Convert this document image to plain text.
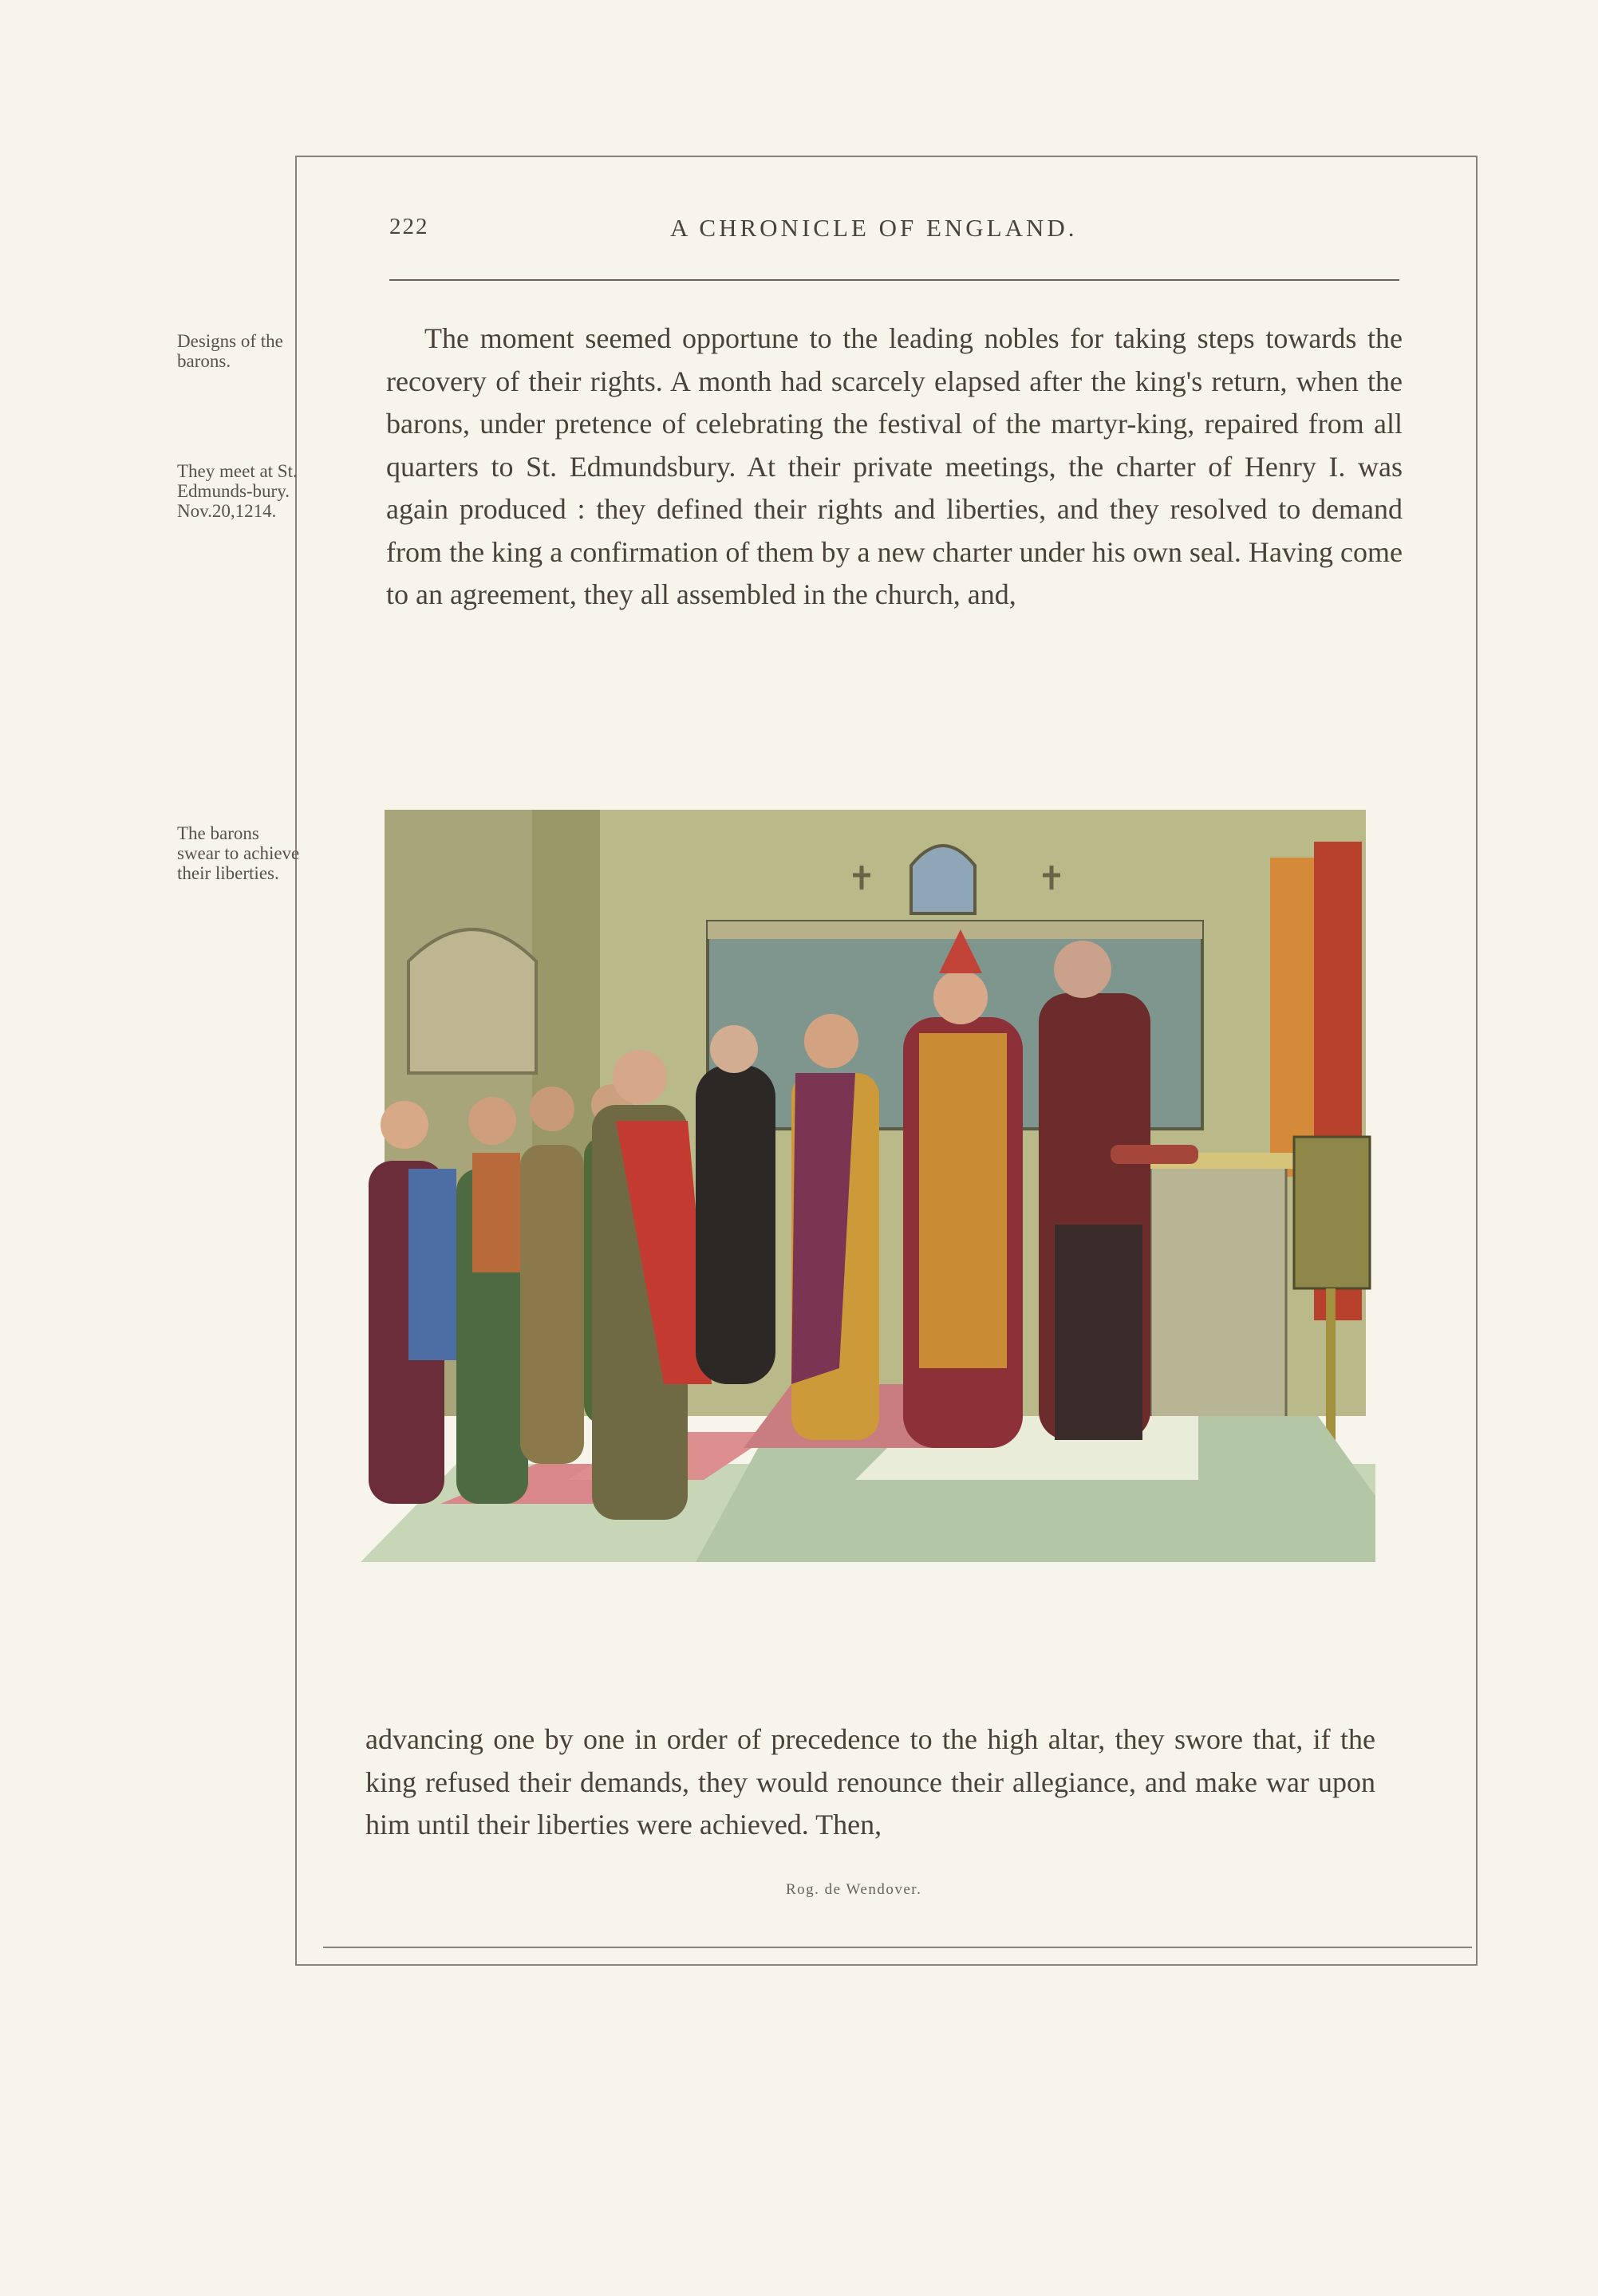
222	A CHRONICLE OF ENGLAND.
Designs of the barons.
They meet at St. Edmunds-bury. Nov.20,1214.
The barons swear to achieve their liberties.
The moment seemed opportune to the leading nobles for taking steps towards the recovery of their rights. A month had scarcely elapsed after the king's return, when the barons, under pretence of celebrating the festival of the martyr-king, repaired from all quarters to St. Edmundsbury. At their private meetings, the charter of Henry I. was again produced : they defined their rights and liberties, and they resolved to demand from the king a confirmation of them by a new charter under his own seal. Having come to an agreement, they all assembled in the church, and,
advancing one by one in order of precedence to the high altar, they swore that, if the king refused their demands, they would renounce their allegiance, and make war upon him until their liberties were achieved. Then,
Rog. de Wendover.
